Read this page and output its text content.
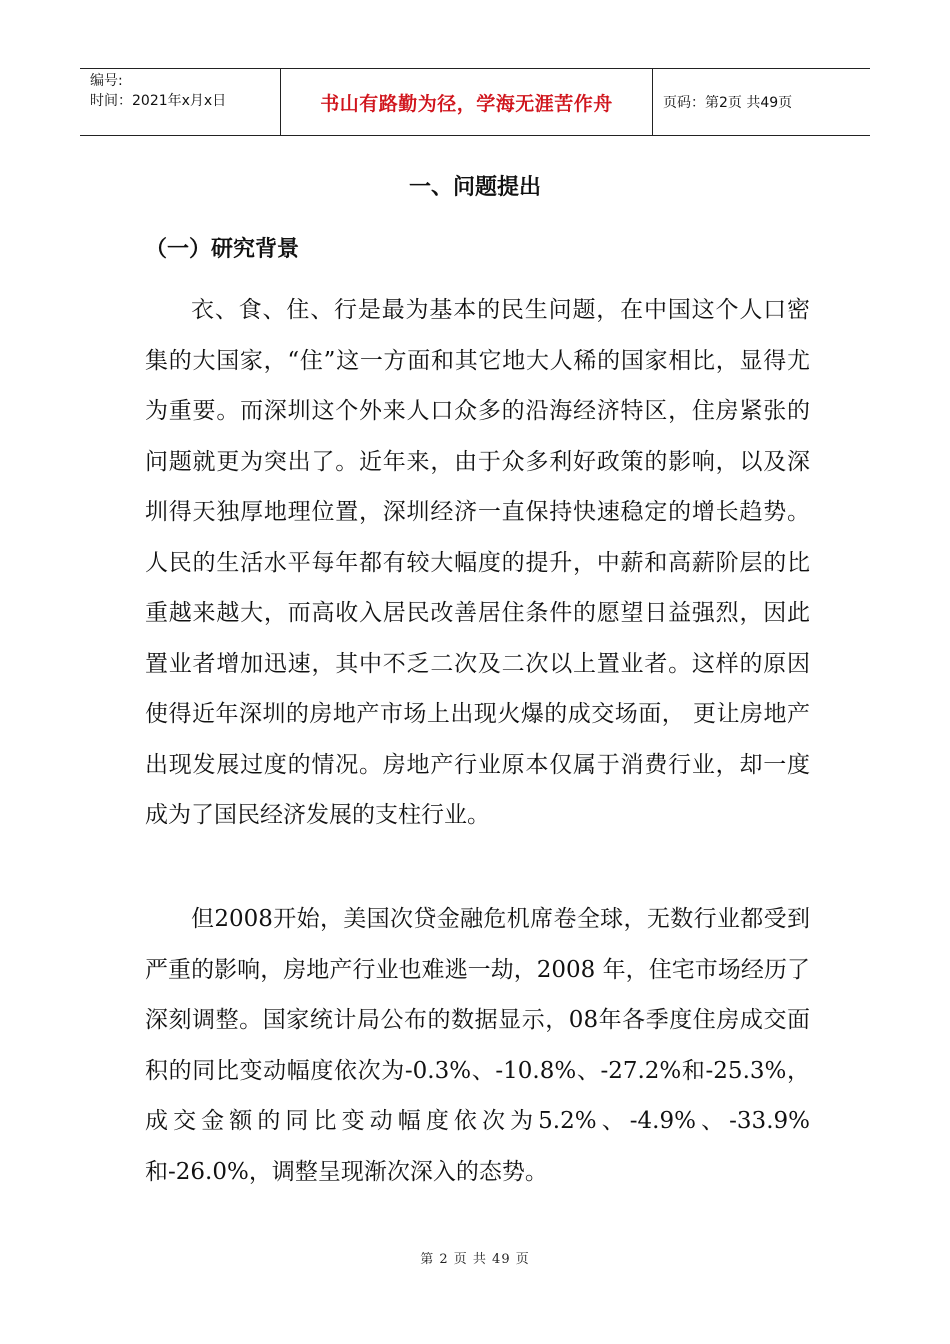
编号:
时间：2021年x月x日	书山有路勤为径，学海无涯苦作舟	页码：第2页 共49页
一、问题提出
（一）研究背景

衣、食、住、行是最为基本的民生问题，在中国这个人口密集的大国家，“住”这一方面和其它地大人稀的国家相比，显得尤为重要。而深圳这个外来人口众多的沿海经济特区，住房紧张的问题就更为突出了。近年来，由于众多利好政策的影响，以及深圳得天独厚地理位置，深圳经济一直保持快速稳定的增长趋势。人民的生活水平每年都有较大幅度的提升，中薪和高薪阶层的比重越来越大，而高收入居民改善居住条件的愿望日益强烈，因此置业者增加迅速，其中不乏二次及二次以上置业者。这样的原因使得近年深圳的房地产市场上出现火爆的成交场面， 更让房地产出现发展过度的情况。房地产行业原本仅属于消费行业，却一度成为了国民经济发展的支柱行业。

但2008开始，美国次贷金融危机席卷全球，无数行业都受到严重的影响，房地产行业也难逃一劫，2008 年，住宅市场经历了深刻调整。国家统计局公布的数据显示，08年各季度住房成交面积的同比变动幅度依次为-0.3%、-10.8%、-27.2%和-25.3%，成交金额的同比变动幅度依次为5.2%、-4.9%、-33.9%和-26.0%，调整呈现渐次深入的态势。

第 2 页 共 49 页
